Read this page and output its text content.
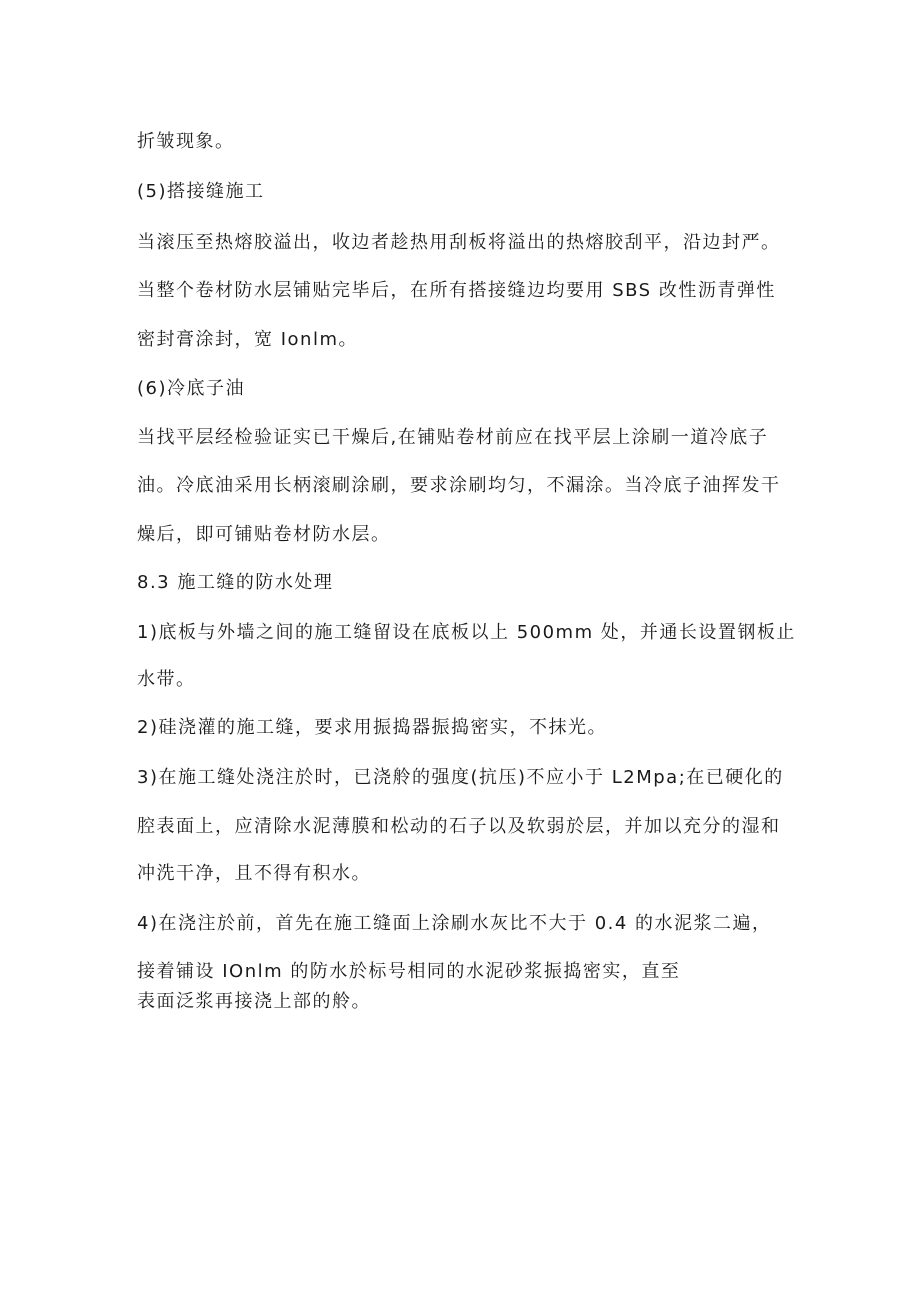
折皱现象。
(5)搭接缝施工
当滚压至热熔胶溢出，收边者趁热用刮板将溢出的热熔胶刮平，沿边封严。
当整个卷材防水层铺贴完毕后，在所有搭接缝边均要用 SBS 改性沥青弹性
密封膏涂封，宽 Ionlm。
(6)冷底子油
当找平层经检验证实已干燥后,在铺贴卷材前应在找平层上涂刷一道冷底子
油。冷底油采用长柄滚刷涂刷，要求涂刷均匀，不漏涂。当冷底子油挥发干
燥后，即可铺贴卷材防水层。
8.3 施工缝的防水处理
1)底板与外墙之间的施工缝留设在底板以上 500mm 处，并通长设置钢板止
水带。
2)硅浇灌的施工缝，要求用振捣器振捣密实，不抹光。
3)在施工缝处浇注於时，已浇舲的强度(抗压)不应小于 L2Mpa;在已硬化的
腔表面上，应清除水泥薄膜和松动的石子以及软弱於层，并加以充分的湿和
冲洗干净，且不得有积水。
4)在浇注於前，首先在施工缝面上涂刷水灰比不大于 0.4 的水泥浆二遍，
接着铺设 IOnlm 的防水於标号相同的水泥砂浆振捣密实，直至
表面泛浆再接浇上部的舲。
